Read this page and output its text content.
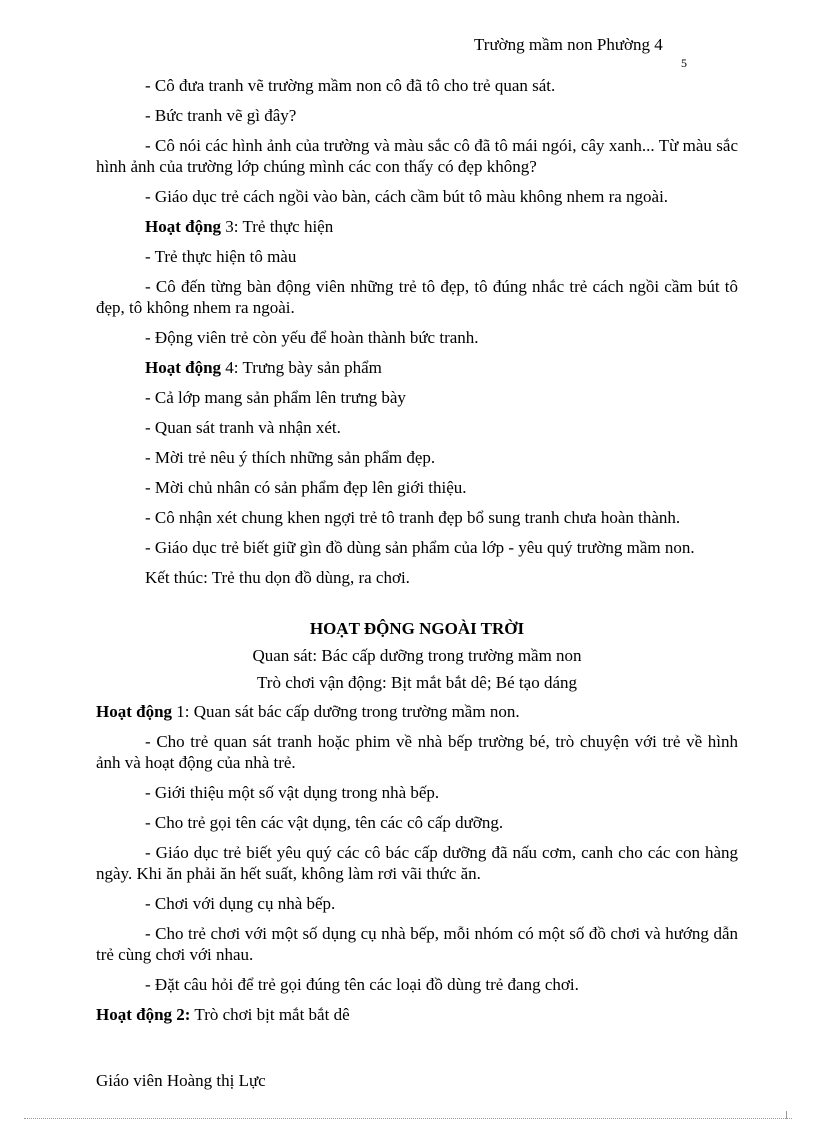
Trường mầm non Phường 4
5

- Cô đưa tranh vẽ trường mầm non cô đã tô cho trẻ quan sát.

- Bức tranh vẽ gì đây?

- Cô nói các hình ảnh của trường và màu sắc cô đã tô mái ngói, cây xanh... Từ màu sắc hình ảnh của trường lớp chúng mình các con thấy có đẹp không?

- Giáo dục trẻ cách ngồi vào bàn, cách cầm bút tô màu không nhem ra ngoài.

Hoạt động 3: Trẻ thực hiện

- Trẻ thực hiện tô màu

- Cô đến từng bàn động viên những trẻ tô đẹp, tô đúng nhắc trẻ cách ngồi cầm bút tô đẹp, tô không nhem ra ngoài.

- Động viên trẻ còn yếu để hoàn thành bức tranh.

Hoạt động 4: Trưng bày sản phẩm

- Cả lớp mang sản phẩm lên trưng bày

- Quan sát tranh và nhận xét.

- Mời trẻ nêu ý thích những sản phẩm đẹp.

- Mời chủ nhân có sản phẩm đẹp lên giới thiệu.

- Cô nhận xét chung khen ngợi trẻ tô tranh đẹp bổ sung tranh chưa hoàn thành.

- Giáo dục trẻ biết giữ gìn đồ dùng sản phẩm của lớp - yêu quý trường mầm non.

Kết thúc: Trẻ thu dọn đồ dùng, ra chơi.

HOẠT ĐỘNG NGOÀI TRỜI

Quan sát: Bác cấp dưỡng trong trường mầm non

Trò chơi vận động: Bịt mắt bắt dê; Bé tạo dáng

Hoạt động 1: Quan sát bác cấp dưỡng trong trường mầm non.

- Cho trẻ quan sát tranh hoặc phim về nhà bếp trường bé, trò chuyện với trẻ về hình ảnh và hoạt động của nhà trẻ.

- Giới thiệu một số vật dụng trong nhà bếp.

- Cho trẻ gọi tên các vật dụng, tên các cô cấp dưỡng.

- Giáo dục trẻ biết yêu quý các cô bác cấp dưỡng đã nấu cơm, canh cho các con hàng ngày. Khi ăn phải ăn hết suất, không làm rơi vãi thức ăn.

- Chơi với dụng cụ nhà bếp.

- Cho trẻ chơi với một số dụng cụ nhà bếp, mỗi nhóm có một số đồ chơi và hướng dẫn trẻ cùng chơi với nhau.

- Đặt câu hỏi để trẻ gọi đúng tên các loại đồ dùng trẻ đang chơi.

Hoạt động 2: Trò chơi bịt mắt bắt dê

Giáo viên Hoàng thị Lực
